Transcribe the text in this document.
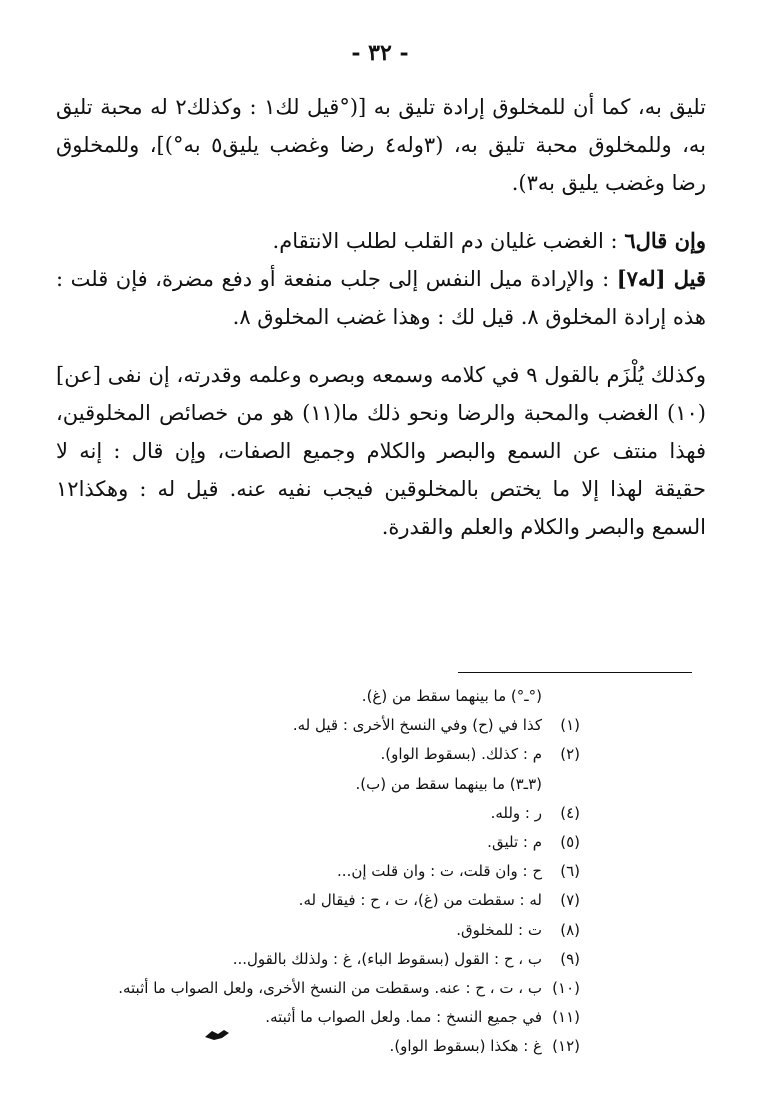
- ٣٢ -

تليق به، كما أن للمخلوق إرادة تليق به [(°قيل لك١ : وكذلك٢ له محبة تليق به، وللمخلوق محبة تليق به، (٣وله٤ رضا وغضب يليق٥ به°)]، وللمخلوق رضا وغضب يليق به٣).

وإن قال٦ : الغضب غليان دم القلب لطلب الانتقام.

قيل [له٧] : والإرادة ميل النفس إلى جلب منفعة أو دفع مضرة، فإن قلت : هذه إرادة المخلوق ٨. قيل لك : وهذا غضب المخلوق ٨.

وكذلك يُلْزَم بالقول ٩ في كلامه وسمعه وبصره وعلمه وقدرته، إن نفى [عن](١٠) الغضب والمحبة والرضا ونحو ذلك ما(١١) هو من خصائص المخلوقين، فهذا منتف عن السمع والبصر والكلام وجميع الصفات، وإن قال : إنه لا حقيقة لهذا إلا ما يختص بالمخلوقين فيجب نفيه عنه. قيل له : وهكذا١٢ السمع والبصر والكلام والعلم والقدرة.

(°ـ°) ما بينهما سقط من (غ).
(١)كذا في (ح) وفي النسخ الأخرى : قيل له.
(٢)م : كذلك. (بسقوط الواو).
(٣ـ٣) ما بينهما سقط من (ب).
(٤)ر : ولله.
(٥)م : تليق.
(٦)ح : وان قلت، ت : وان قلت إن...
(٧)له : سقطت من (غ)، ت ، ح : فيقال له.
(٨)ت : للمخلوق.
(٩)ب ، ح : القول (بسقوط الباء)، غ : ولذلك بالقول...
(١٠)ب ، ت ، ح : عنه. وسقطت من النسخ الأخرى، ولعل الصواب ما أثبته.
(١١)في جميع النسخ : مما. ولعل الصواب ما أثبته.
(١٢)غ : هكذا (بسقوط الواو).
